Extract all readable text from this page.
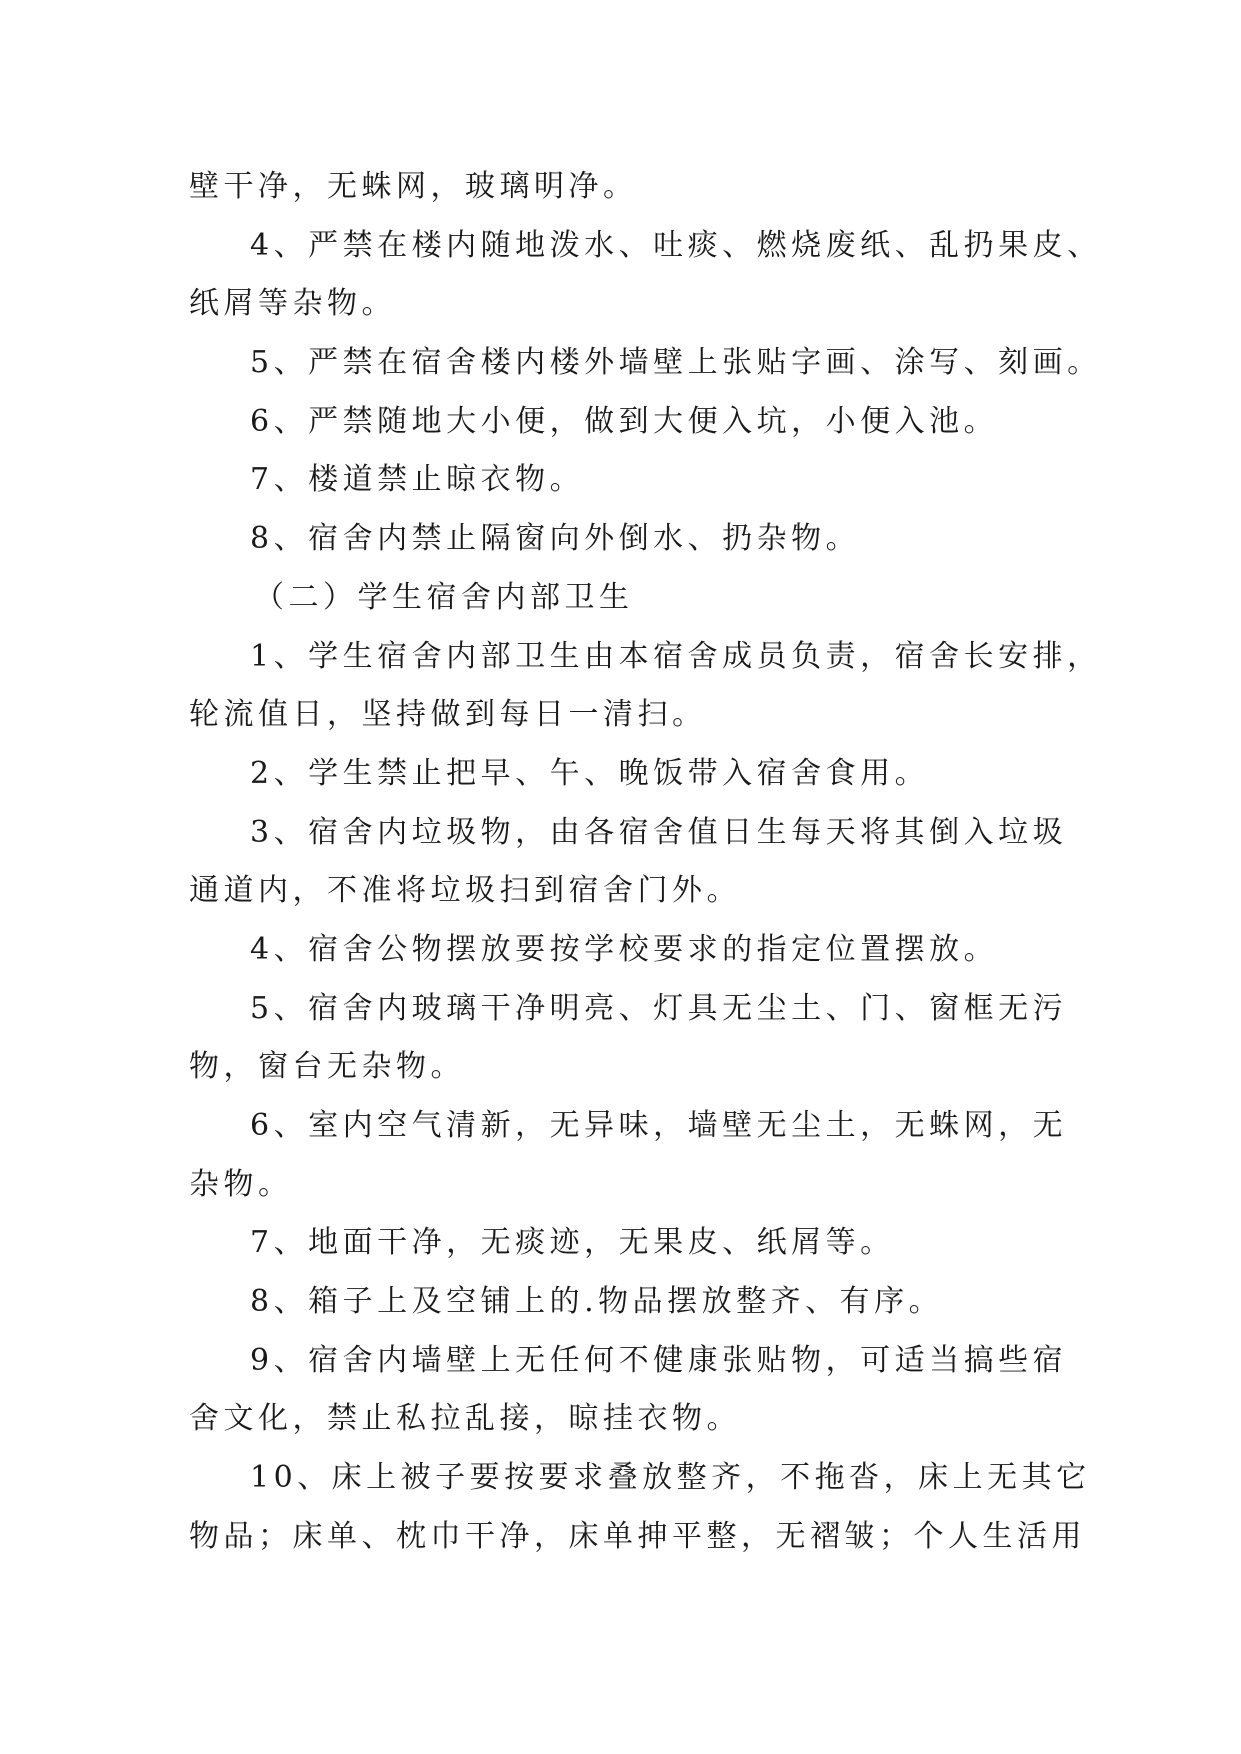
壁干净，无蛛网，玻璃明净。
4、严禁在楼内随地泼水、吐痰、燃烧废纸、乱扔果皮、
纸屑等杂物。
5、严禁在宿舍楼内楼外墙壁上张贴字画、涂写、刻画。
6、严禁随地大小便，做到大便入坑，小便入池。
7、楼道禁止晾衣物。
8、宿舍内禁止隔窗向外倒水、扔杂物。
（二）学生宿舍内部卫生
1、学生宿舍内部卫生由本宿舍成员负责，宿舍长安排，
轮流值日，坚持做到每日一清扫。
2、学生禁止把早、午、晚饭带入宿舍食用。
3、宿舍内垃圾物，由各宿舍值日生每天将其倒入垃圾
通道内，不准将垃圾扫到宿舍门外。
4、宿舍公物摆放要按学校要求的指定位置摆放。
5、宿舍内玻璃干净明亮、灯具无尘土、门、窗框无污
物，窗台无杂物。
6、室内空气清新，无异味，墙壁无尘土，无蛛网，无
杂物。
7、地面干净，无痰迹，无果皮、纸屑等。
8、箱子上及空铺上的.物品摆放整齐、有序。
9、宿舍内墙壁上无任何不健康张贴物，可适当搞些宿
舍文化，禁止私拉乱接，晾挂衣物。
10、床上被子要按要求叠放整齐，不拖沓，床上无其它
物品；床单、枕巾干净，床单抻平整，无褶皱；个人生活用
